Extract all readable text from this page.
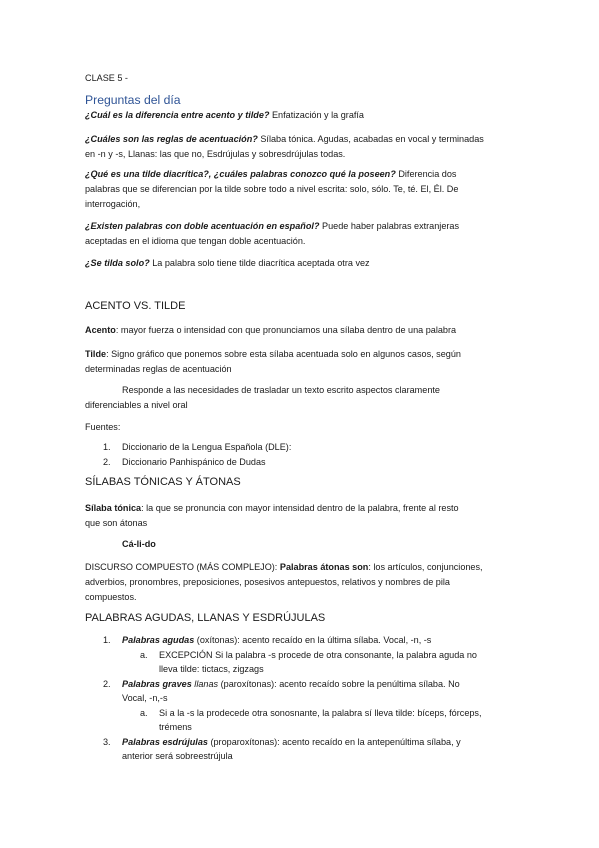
CLASE 5 -
Preguntas del día
¿Cuál es la diferencia entre acento y tilde? Enfatización y la grafía
¿Cuáles son las reglas de acentuación? Sílaba tónica. Agudas, acabadas en vocal y terminadas
en -n y -s, Llanas: las que no, Esdrújulas y sobresdrújulas todas.
¿Qué es una tilde diacrítica?, ¿cuáles palabras conozco qué la poseen? Diferencia dos
palabras que se diferencian por la tilde sobre todo a nivel escrita: solo, sólo. Te, té. El, Él. De
interrogación,
¿Existen palabras con doble acentuación en español? Puede haber palabras extranjeras
aceptadas en el idioma que tengan doble acentuación.
¿Se tilda solo? La palabra solo tiene tilde diacrítica aceptada otra vez
ACENTO VS. TILDE
Acento: mayor fuerza o intensidad con que pronunciamos una sílaba dentro de una palabra
Tilde: Signo gráfico que ponemos sobre esta sílaba acentuada solo en algunos casos, según
determinadas reglas de acentuación
Responde a las necesidades de trasladar un texto escrito aspectos claramente
diferenciables a nivel oral
Fuentes:
1. Diccionario de la Lengua Española (DLE):
2. Diccionario Panhispánico de Dudas
SÍLABAS TÓNICAS Y ÁTONAS
Sílaba tónica: la que se pronuncia con mayor intensidad dentro de la palabra, frente al resto
que son átonas
Cá-li-do
DISCURSO COMPUESTO (MÁS COMPLEJO): Palabras átonas son: los artículos, conjunciones,
adverbios, pronombres, preposiciones, posesivos antepuestos, relativos y nombres de pila
compuestos.
PALABRAS AGUDAS, LLANAS Y ESDRÚJULAS
1. Palabras agudas (oxítonas): acento recaído en la última sílaba. Vocal, -n, -s
a. EXCEPCIÓN Si la palabra -s procede de otra consonante, la palabra aguda no
lleva tilde: tictacs, zigzags
2. Palabras graves llanas (paroxítonas): acento recaído sobre la penúltima sílaba. No
Vocal, -n,-s
a. Si a la -s la prodecede otra sonosnante, la palabra sí lleva tilde: bíceps, fórceps,
trémens
3. Palabras esdrújulas (proparoxítonas): acento recaído en la antepenúltima sílaba, y
anterior será sobreestrújula
